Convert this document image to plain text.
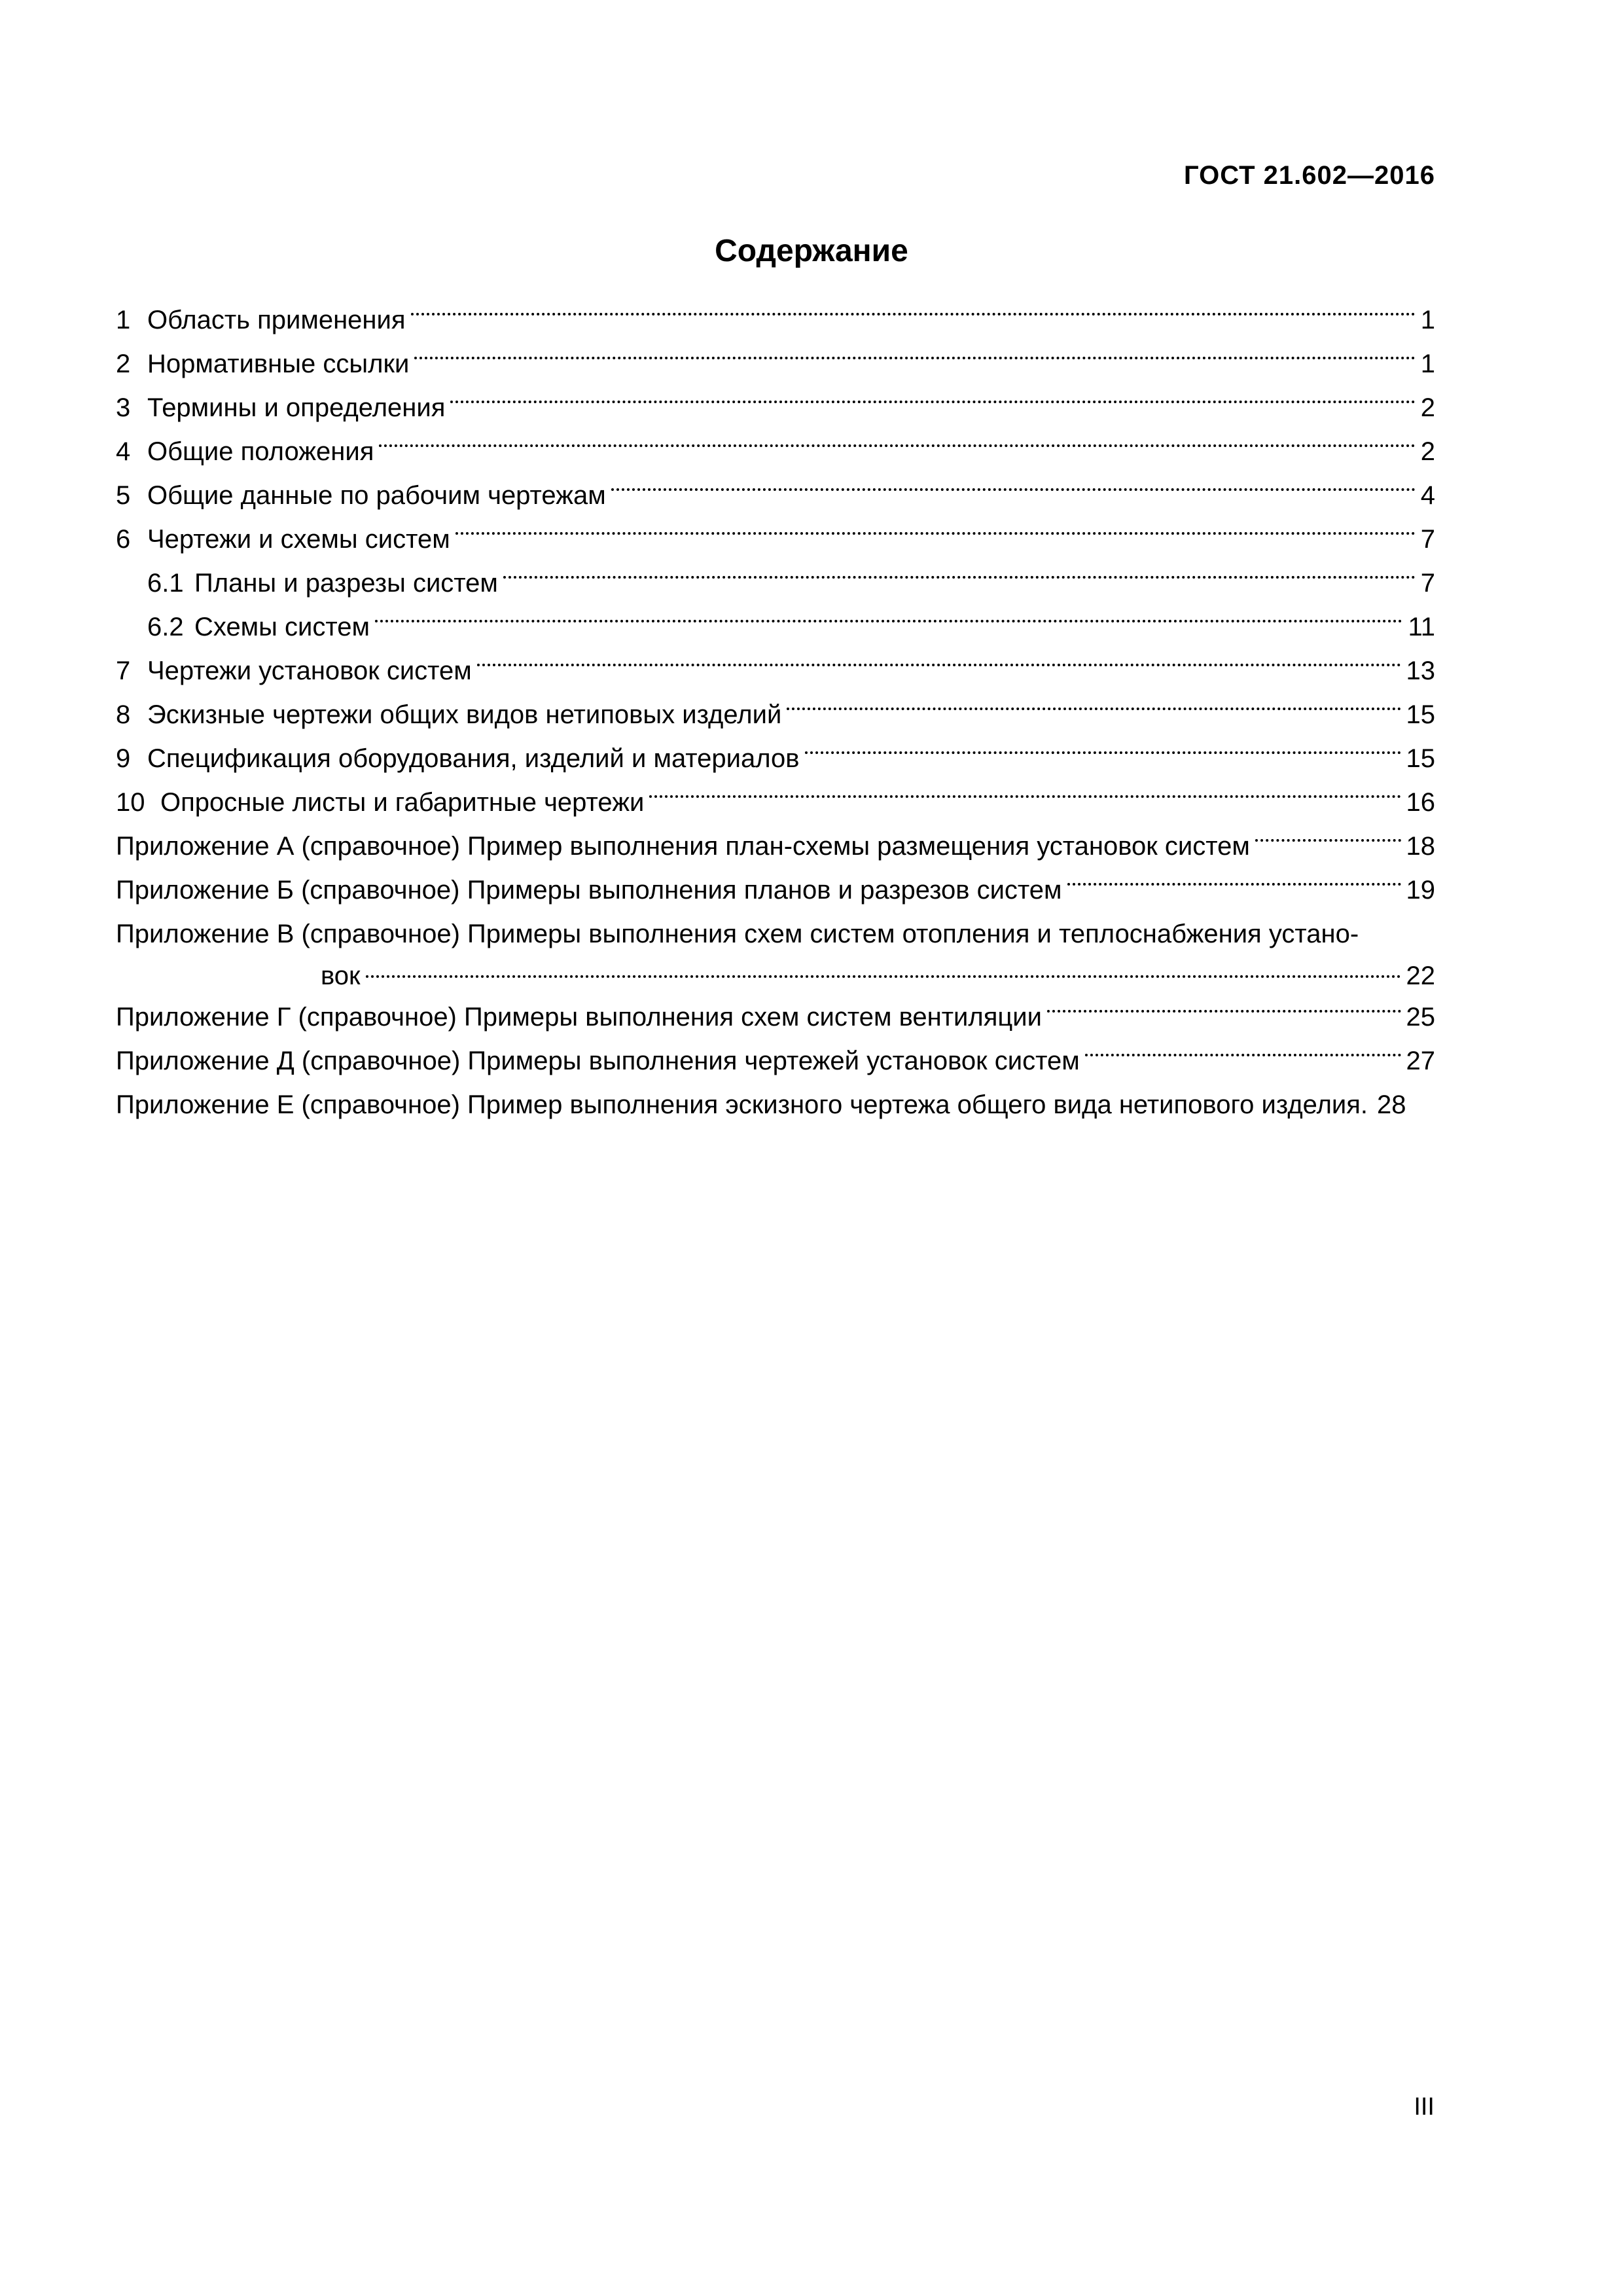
ГОСТ 21.602—2016
Содержание
1 Область применения	1
2 Нормативные ссылки	1
3 Термины и определения	2
4 Общие положения	2
5 Общие данные по рабочим чертежам	4
6 Чертежи и схемы систем	7
6.1 Планы и разрезы систем	7
6.2 Схемы систем	11
7 Чертежи установок систем	13
8 Эскизные чертежи общих видов нетиповых изделий	15
9 Спецификация оборудования, изделий и материалов	15
10 Опросные листы и габаритные чертежи	16
Приложение А (справочное) Пример выполнения план-схемы размещения установок систем	18
Приложение Б (справочное) Примеры выполнения планов и разрезов систем	19
Приложение В (справочное) Примеры выполнения схем систем отопления и теплоснабжения устано-
вок	22
Приложение Г (справочное) Примеры выполнения схем систем вентиляции	25
Приложение Д (справочное) Примеры выполнения чертежей установок систем	27
Приложение Е (справочное) Пример выполнения эскизного чертежа общего вида нетипового изделия. 28
III
